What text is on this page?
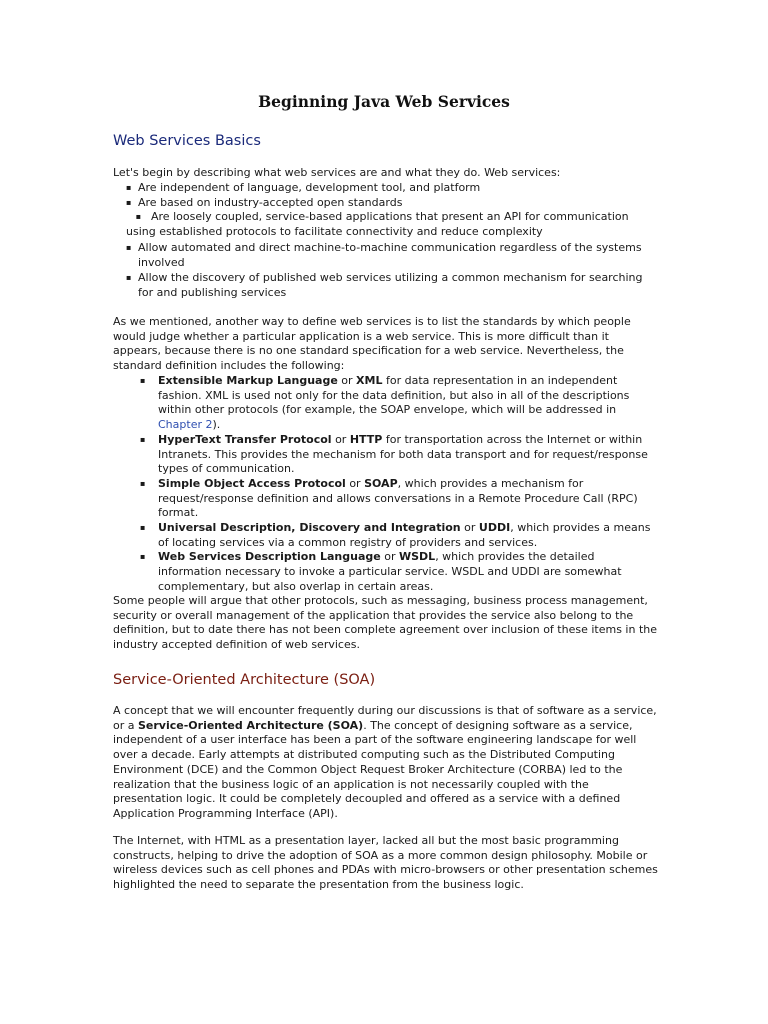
Beginning Java Web Services
Web Services Basics

Let's begin by describing what web services are and what they do. Web services:

▪ Are independent of language, development tool, and platform
▪ Are based on industry-accepted open standards
▪ Are loosely coupled, service-based applications that present an API for communication using established protocols to facilitate connectivity and reduce complexity
▪ Allow automated and direct machine-to-machine communication regardless of the systems involved
▪ Allow the discovery of published web services utilizing a common mechanism for searching for and publishing services

As we mentioned, another way to define web services is to list the standards by which people would judge whether a particular application is a web service. This is more difficult than it appears, because there is no one standard specification for a web service. Nevertheless, the standard definition includes the following:

▪ Extensible Markup Language or XML for data representation in an independent fashion. XML is used not only for the data definition, but also in all of the descriptions within other protocols (for example, the SOAP envelope, which will be addressed in Chapter 2).
▪ HyperText Transfer Protocol or HTTP for transportation across the Internet or within Intranets. This provides the mechanism for both data transport and for request/response types of communication.
▪ Simple Object Access Protocol or SOAP, which provides a mechanism for request/response definition and allows conversations in a Remote Procedure Call (RPC) format.
▪ Universal Description, Discovery and Integration or UDDI, which provides a means of locating services via a common registry of providers and services.
▪ Web Services Description Language or WSDL, which provides the detailed information necessary to invoke a particular service. WSDL and UDDI are somewhat complementary, but also overlap in certain areas.

Some people will argue that other protocols, such as messaging, business process management, security or overall management of the application that provides the service also belong to the definition, but to date there has not been complete agreement over inclusion of these items in the industry accepted definition of web services.

Service-Oriented Architecture (SOA)

A concept that we will encounter frequently during our discussions is that of software as a service, or a Service-Oriented Architecture (SOA). The concept of designing software as a service, independent of a user interface has been a part of the software engineering landscape for well over a decade. Early attempts at distributed computing such as the Distributed Computing Environment (DCE) and the Common Object Request Broker Architecture (CORBA) led to the realization that the business logic of an application is not necessarily coupled with the presentation logic. It could be completely decoupled and offered as a service with a defined Application Programming Interface (API).

The Internet, with HTML as a presentation layer, lacked all but the most basic programming constructs, helping to drive the adoption of SOA as a more common design philosophy. Mobile or wireless devices such as cell phones and PDAs with micro-browsers or other presentation schemes highlighted the need to separate the presentation from the business logic.
